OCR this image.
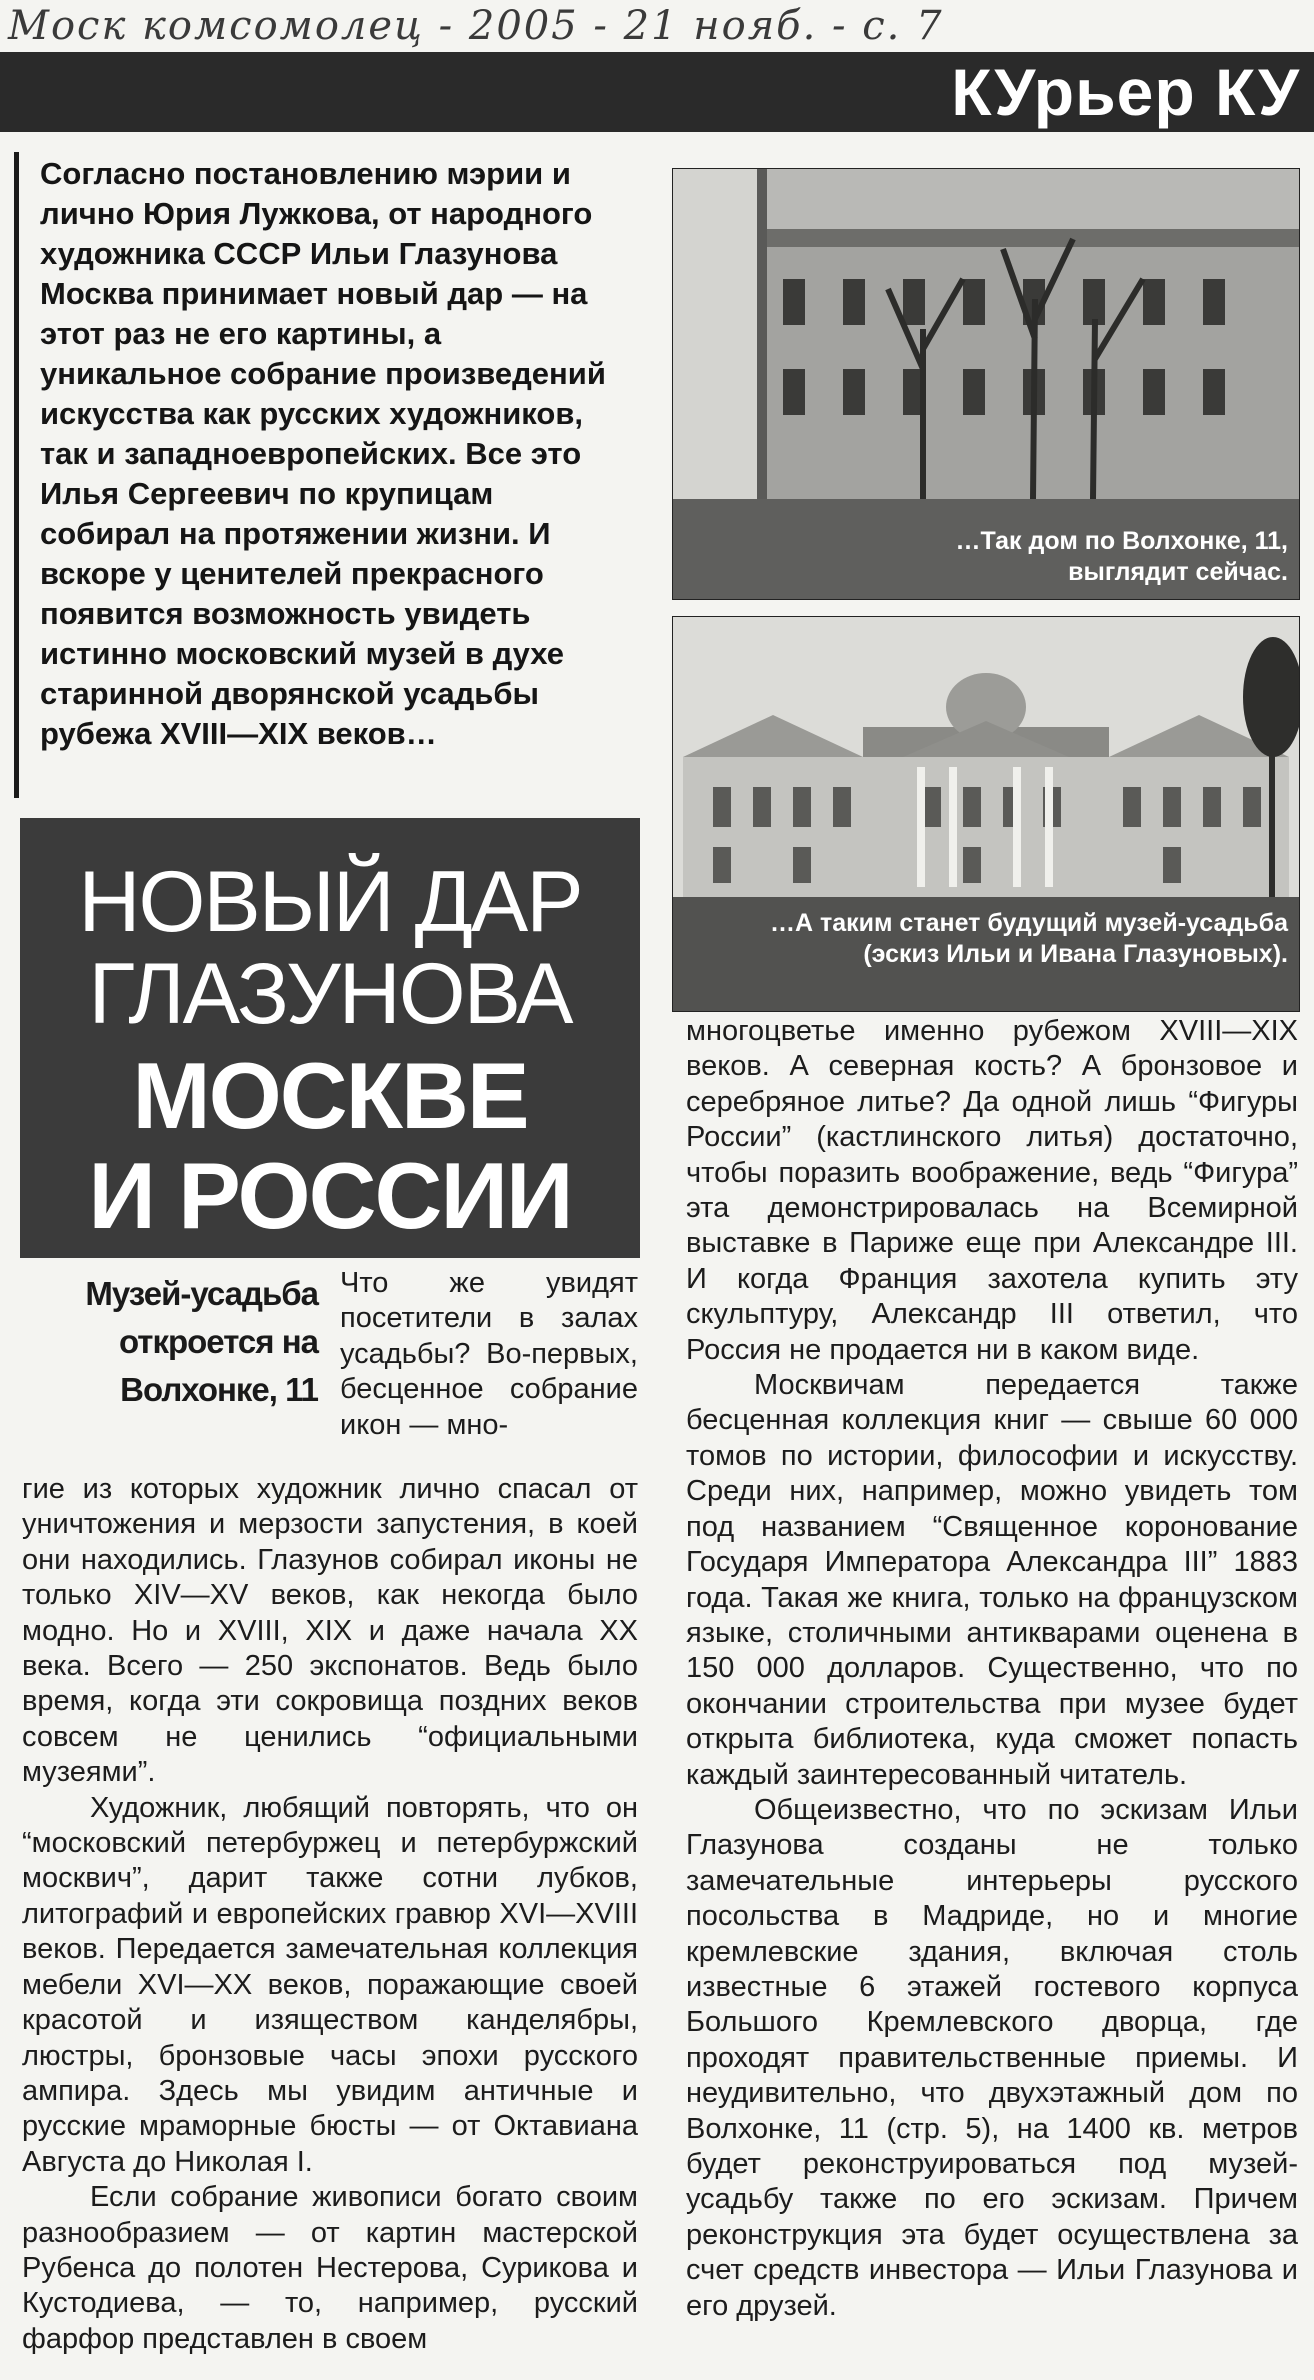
Моск комсомолец - 2005 - 21 нояб. - с. 7
КУрьер КУ
Согласно постановлению мэрии и лично Юрия Лужкова, от народного художника СССР Ильи Глазунова Москва принимает новый дар — на этот раз не его картины, а уникальное собрание произведений искусства как русских художников, так и западноевропейских. Все это Илья Сергеевич по крупицам собирал на протяжении жизни. И вскоре у ценителей прекрасного появится возможность увидеть истинно московский музей в духе старинной дворянской усадьбы рубежа XVIII—XIX веков…
…Так дом по Волхонке, 11, выглядит сейчас.
…А таким станет будущий музей-усадьба (эскиз Ильи и Ивана Глазуновых).
НОВЫЙ ДАР
ГЛАЗУНОВА
МОСКВЕ
И РОССИИ
Музей-усадьба откроется на Волхонке, 11

Что же увидят посетители в залах усадьбы? Во-первых, бесценное собрание икон — мно-

гие из которых художник лично спасал от уничтожения и мерзости запустения, в коей они находились. Глазунов собирал иконы не только XIV—XV веков, как некогда было модно. Но и XVIII, XIX и даже начала XX века. Всего — 250 экспонатов. Ведь было время, когда эти сокровища поздних веков совсем не ценились “официальными музеями”.

Художник, любящий повторять, что он “московский петербуржец и петербуржский москвич”, дарит также сотни лубков, литографий и европейских гравюр XVI—XVIII веков. Передается замечательная коллекция мебели XVI—XX веков, поражающие своей красотой и изяществом канделябры, люстры, бронзовые часы эпохи русского ампира. Здесь мы увидим античные и русские мраморные бюсты — от Октавиана Августа до Николая I.

Если собрание живописи богато своим разнообразием — от картин мастерской Рубенса до полотен Нестерова, Сурикова и Кустодиева, — то, например, русский фарфор представлен в своем

многоцветье именно рубежом XVIII—XIX веков. А северная кость? А бронзовое и серебряное литье? Да одной лишь “Фигуры России” (кастлинского литья) достаточно, чтобы поразить воображение, ведь “Фигура” эта демонстрировалась на Всемирной выставке в Париже еще при Александре III. И когда Франция захотела купить эту скульптуру, Александр III ответил, что Россия не продается ни в каком виде.

Москвичам передается также бесценная коллекция книг — свыше 60 000 томов по истории, философии и искусству. Среди них, например, можно увидеть том под названием “Священное коронование Государя Императора Александра III” 1883 года. Такая же книга, только на французском языке, столичными антикварами оценена в 150 000 долларов. Существенно, что по окончании строительства при музее будет открыта библиотека, куда сможет попасть каждый заинтересованный читатель.

Общеизвестно, что по эскизам Ильи Глазунова созданы не только замечательные интерьеры русского посольства в Мадриде, но и многие кремлевские здания, включая столь известные 6 этажей гостевого корпуса Большого Кремлевского дворца, где проходят правительственные приемы. И неудивительно, что двухэтажный дом по Волхонке, 11 (стр. 5), на 1400 кв. метров будет реконструироваться под музей-усадьбу также по его эскизам. Причем реконструкция эта будет осуществлена за счет средств инвестора — Ильи Глазунова и его друзей.
